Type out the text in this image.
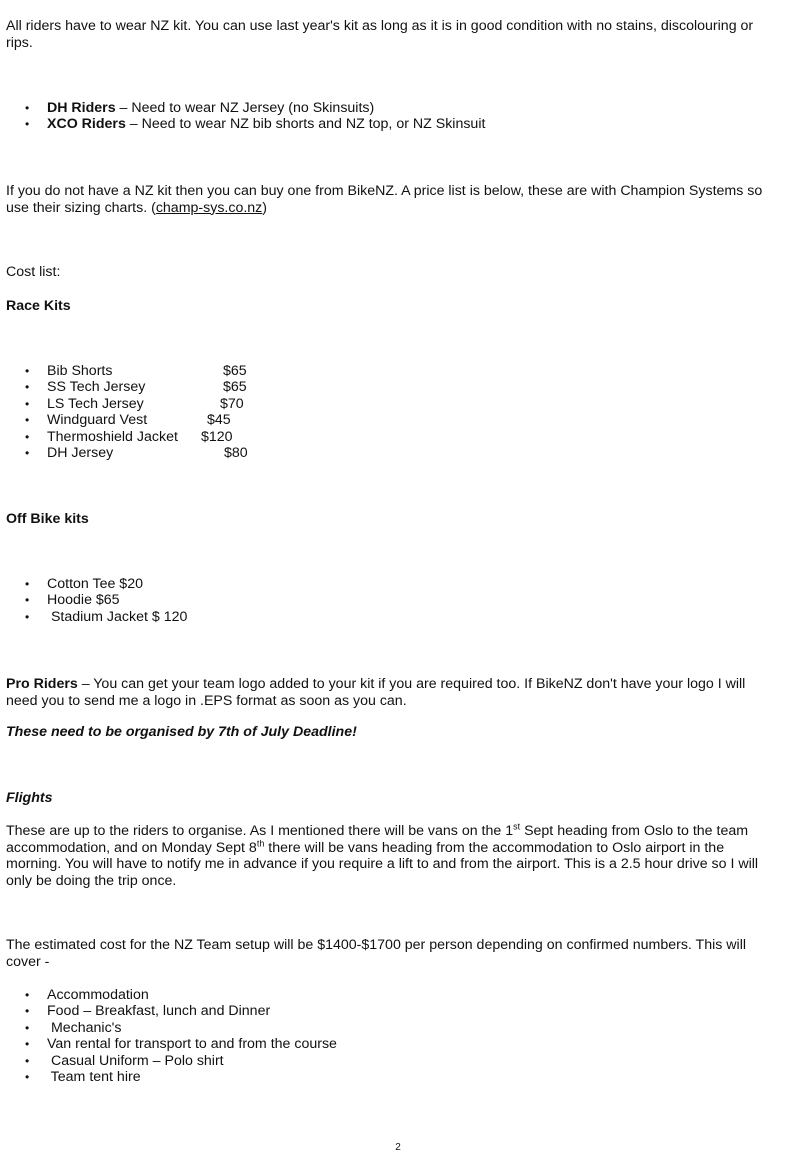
All riders have to wear NZ kit. You can use last year's kit as long as it is in good condition with no stains, discolouring or rips.

• DH Riders – Need to wear NZ Jersey (no Skinsuits)
• XCO Riders – Need to wear NZ bib shorts and NZ top, or NZ Skinsuit

If you do not have a NZ kit then you can buy one from BikeNZ. A price list is below, these are with Champion Systems so use their sizing charts. (champ-sys.co.nz)

Cost list:

Race Kits

• Bib Shorts	$65
• SS Tech Jersey	$65
• LS Tech Jersey	$70
• Windguard Vest	$45
• Thermoshield Jacket $120
• DH Jersey	$80

Off Bike kits

• Cotton Tee $20
• Hoodie $65
•  Stadium Jacket $ 120

Pro Riders – You can get your team logo added to your kit if you are required too. If BikeNZ don't have your logo I will need you to send me a logo in .EPS format as soon as you can.

These need to be organised by 7th of July Deadline!

Flights

These are up to the riders to organise. As I mentioned there will be vans on the 1st Sept heading from Oslo to the team accommodation, and on Monday Sept 8th there will be vans heading from the accommodation to Oslo airport in the morning. You will have to notify me in advance if you require a lift to and from the airport. This is a 2.5 hour drive so I will only be doing the trip once.

The estimated cost for the NZ Team setup will be $1400-$1700 per person depending on confirmed numbers. This will cover -

• Accommodation
• Food – Breakfast, lunch and Dinner
•  Mechanic's
• Van rental for transport to and from the course
•  Casual Uniform – Polo shirt
•  Team tent hire
2
